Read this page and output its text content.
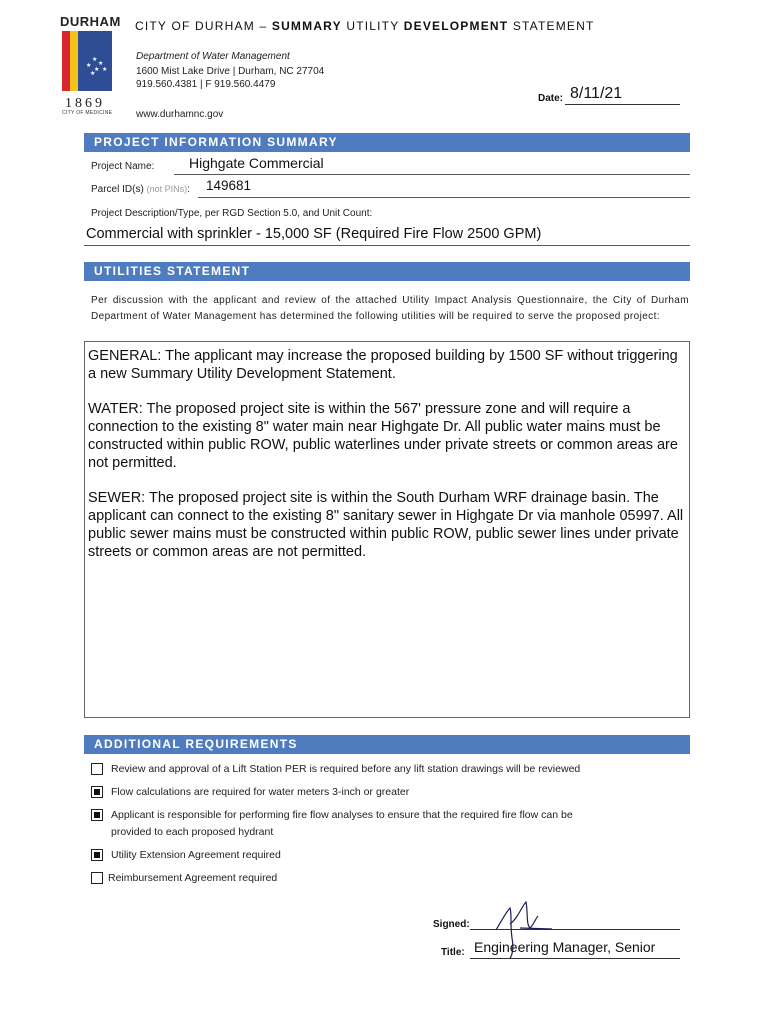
DURHAM
★
★
★
★ ★
★
1869
CITY OF MEDICINE
CITY OF DURHAM – SUMMARY UTILITY DEVELOPMENT STATEMENT
Department of Water Management
1600 Mist Lake Drive | Durham, NC 27704
919.560.4381 | F 919.560.4479
www.durhamnc.gov
Date: 8/11/21
PROJECT INFORMATION SUMMARY
Project Name: Highgate Commercial
Parcel ID(s) (not PINs): 149681
Project Description/Type, per RGD Section 5.0, and Unit Count:
Commercial with sprinkler - 15,000 SF (Required Fire Flow 2500 GPM)
UTILITIES STATEMENT
Per discussion with the applicant and review of the attached Utility Impact Analysis Questionnaire, the City of Durham Department of Water Management has determined the following utilities will be required to serve the proposed project:

GENERAL: The applicant may increase the proposed building by 1500 SF without triggering a new Summary Utility Development Statement.

WATER: The proposed project site is within the 567' pressure zone and will require a connection to the existing 8" water main near Highgate Dr. All public water mains must be constructed within public ROW, public waterlines under private streets or common areas are not permitted.

SEWER: The proposed project site is within the South Durham WRF drainage basin. The applicant can connect to the existing 8" sanitary sewer in Highgate Dr via manhole 05997. All public sewer mains must be constructed within public ROW, public sewer lines under private streets or common areas are not permitted.

ADDITIONAL REQUIREMENTS
Review and approval of a Lift Station PER is required before any lift station drawings will be reviewed
Flow calculations are required for water meters 3-inch or greater
Applicant is responsible for performing fire flow analyses to ensure that the required fire flow can be
provided to each proposed hydrant
Utility Extension Agreement required
Reimbursement Agreement required
Signed:
Title: Engineering Manager, Senior
